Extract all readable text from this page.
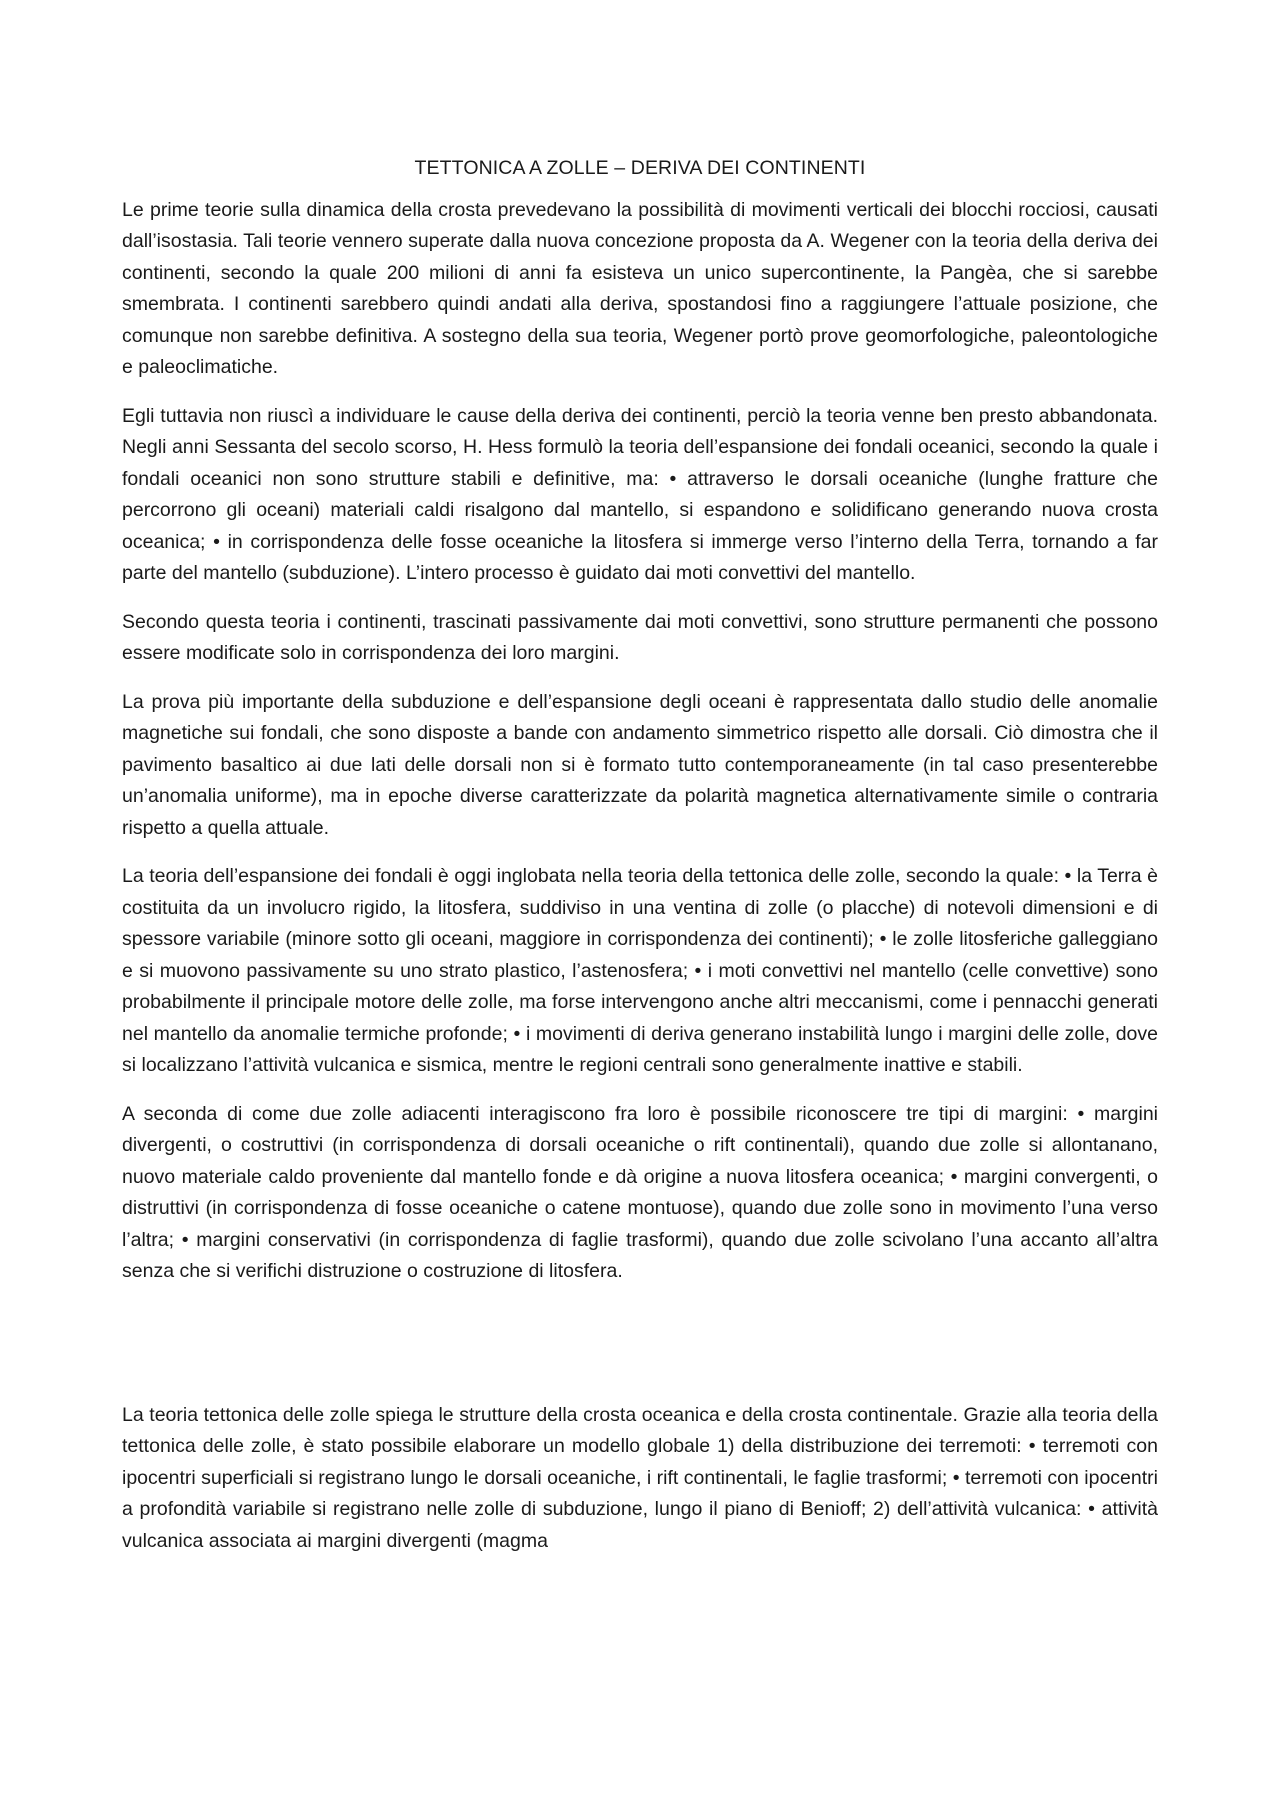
TETTONICA A ZOLLE – DERIVA DEI CONTINENTI

Le prime teorie sulla dinamica della crosta prevedevano la possibilità di movimenti verticali dei blocchi rocciosi, causati dall’isostasia. Tali teorie vennero superate dalla nuova concezione proposta da A. Wegener con la teoria della deriva dei continenti, secondo la quale 200 milioni di anni fa esisteva un unico supercontinente, la Pangèa, che si sarebbe smembrata. I continenti sarebbero quindi andati alla deriva, spostandosi fino a raggiungere l’attuale posizione, che comunque non sarebbe definitiva. A sostegno della sua teoria, Wegener portò prove geomorfologiche, paleontologiche e paleoclimatiche.

Egli tuttavia non riuscì a individuare le cause della deriva dei continenti, perciò la teoria venne ben presto abbandonata. Negli anni Sessanta del secolo scorso, H. Hess formulò la teoria dell’espansione dei fondali oceanici, secondo la quale i fondali oceanici non sono strutture stabili e definitive, ma: • attraverso le dorsali oceaniche (lunghe fratture che percorrono gli oceani) materiali caldi risalgono dal mantello, si espandono e solidificano generando nuova crosta oceanica; • in corrispondenza delle fosse oceaniche la litosfera si immerge verso l’interno della Terra, tornando a far parte del mantello (subduzione). L’intero processo è guidato dai moti convettivi del mantello.

Secondo questa teoria i continenti, trascinati passivamente dai moti convettivi, sono strutture permanenti che possono essere modificate solo in corrispondenza dei loro margini.

La prova più importante della subduzione e dell’espansione degli oceani è rappresentata dallo studio delle anomalie magnetiche sui fondali, che sono disposte a bande con andamento simmetrico rispetto alle dorsali. Ciò dimostra che il pavimento basaltico ai due lati delle dorsali non si è formato tutto contemporaneamente (in tal caso presenterebbe un’anomalia uniforme), ma in epoche diverse caratterizzate da polarità magnetica alternativamente simile o contraria rispetto a quella attuale.

La teoria dell’espansione dei fondali è oggi inglobata nella teoria della tettonica delle zolle, secondo la quale: • la Terra è costituita da un involucro rigido, la litosfera, suddiviso in una ventina di zolle (o placche) di notevoli dimensioni e di spessore variabile (minore sotto gli oceani, maggiore in corrispondenza dei continenti); • le zolle litosferiche galleggiano e si muovono passivamente su uno strato plastico, l’astenosfera; • i moti convettivi nel mantello (celle convettive) sono probabilmente il principale motore delle zolle, ma forse intervengono anche altri meccanismi, come i pennacchi generati nel mantello da anomalie termiche profonde; • i movimenti di deriva generano instabilità lungo i margini delle zolle, dove si localizzano l’attività vulcanica e sismica, mentre le regioni centrali sono generalmente inattive e stabili.

A seconda di come due zolle adiacenti interagiscono fra loro è possibile riconoscere tre tipi di margini: • margini divergenti, o costruttivi (in corrispondenza di dorsali oceaniche o rift continentali), quando due zolle si allontanano, nuovo materiale caldo proveniente dal mantello fonde e dà origine a nuova litosfera oceanica; • margini convergenti, o distruttivi (in corrispondenza di fosse oceaniche o catene montuose), quando due zolle sono in movimento l’una verso l’altra; • margini conservativi (in corrispondenza di faglie trasformi), quando due zolle scivolano l’una accanto all’altra senza che si verifichi distruzione o costruzione di litosfera.

La teoria tettonica delle zolle spiega le strutture della crosta oceanica e della crosta continentale. Grazie alla teoria della tettonica delle zolle, è stato possibile elaborare un modello globale 1) della distribuzione dei terremoti: • terremoti con ipocentri superficiali si registrano lungo le dorsali oceaniche, i rift continentali, le faglie trasformi; • terremoti con ipocentri a profondità variabile si registrano nelle zolle di subduzione, lungo il piano di Benioff; 2) dell’attività vulcanica: • attività vulcanica associata ai margini divergenti (magma
